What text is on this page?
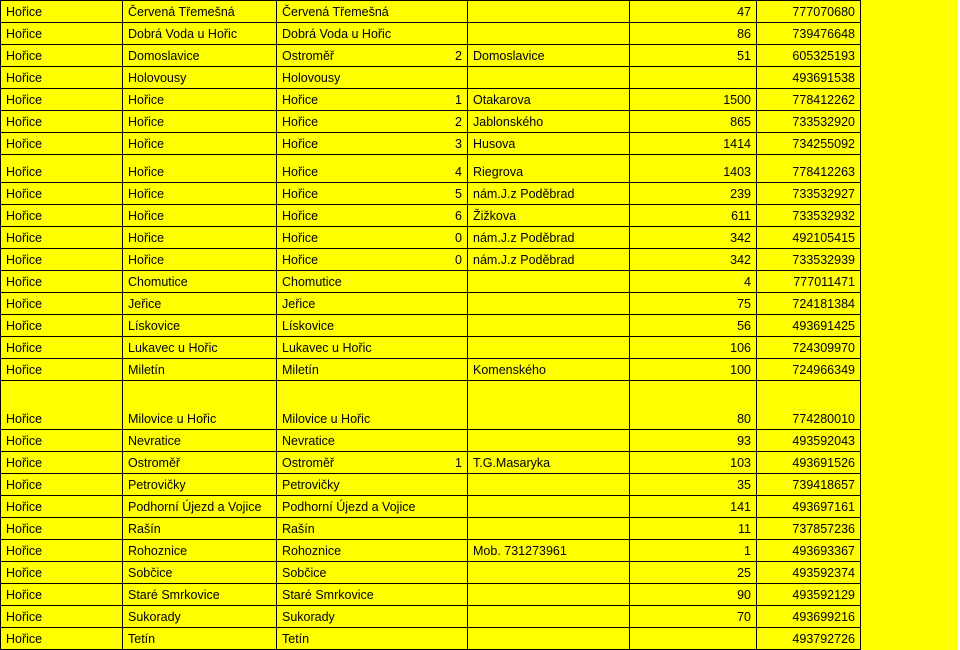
Hořice	Červená Třemešná	Červená Třemešná			47	777070680
Hořice	Dobrá Voda u Hořic	Dobrá Voda u Hořic			86	739476648
Hořice	Domoslavice	Ostroměř 2		Domoslavice	51	605325193
Hořice	Holovousy	Holovousy				493691538
Hořice	Hořice	Hořice 1		Otakarova	1500	778412262
Hořice	Hořice	Hořice 2		Jablonského	865	733532920
Hořice	Hořice	Hořice 3		Husova	1414	734255092
Hořice	Hořice	Hořice 4		Riegrova	1403	778412263
Hořice	Hořice	Hořice 5		nám.J.z Poděbrad	239	733532927
Hořice	Hořice	Hořice 6		Žižkova	611	733532932
Hořice	Hořice	Hořice 0		nám.J.z Poděbrad	342	492105415
Hořice	Hořice	Hořice 0		nám.J.z Poděbrad	342	733532939
Hořice	Chomutice	Chomutice			4	777011471
Hořice	Jeřice	Jeřice			75	724181384
Hořice	Lískovice	Lískovice			56	493691425
Hořice	Lukavec u Hořic	Lukavec u Hořic			106	724309970
Hořice	Miletín	Miletín		Komenského	100	724966349
Hořice	Milovice u Hořic	Milovice u Hořic			80	774280010
Hořice	Nevratice	Nevratice			93	493592043
Hořice	Ostroměř	Ostroměř 1		T.G.Masaryka	103	493691526
Hořice	Petrovičky	Petrovičky			35	739418657
Hořice	Podhorní Újezd a Vojice	Podhorní Újezd a Vojice			141	493697161
Hořice	Rašín	Rašín			11	737857236
Hořice	Rohoznice	Rohoznice		Mob. 731273961	1	493693367
Hořice	Sobčice	Sobčice			25	493592374
Hořice	Staré Smrkovice	Staré Smrkovice			90	493592129
Hořice	Sukorady	Sukorady			70	493699216
Hořice	Tetín	Tetín				493792726
